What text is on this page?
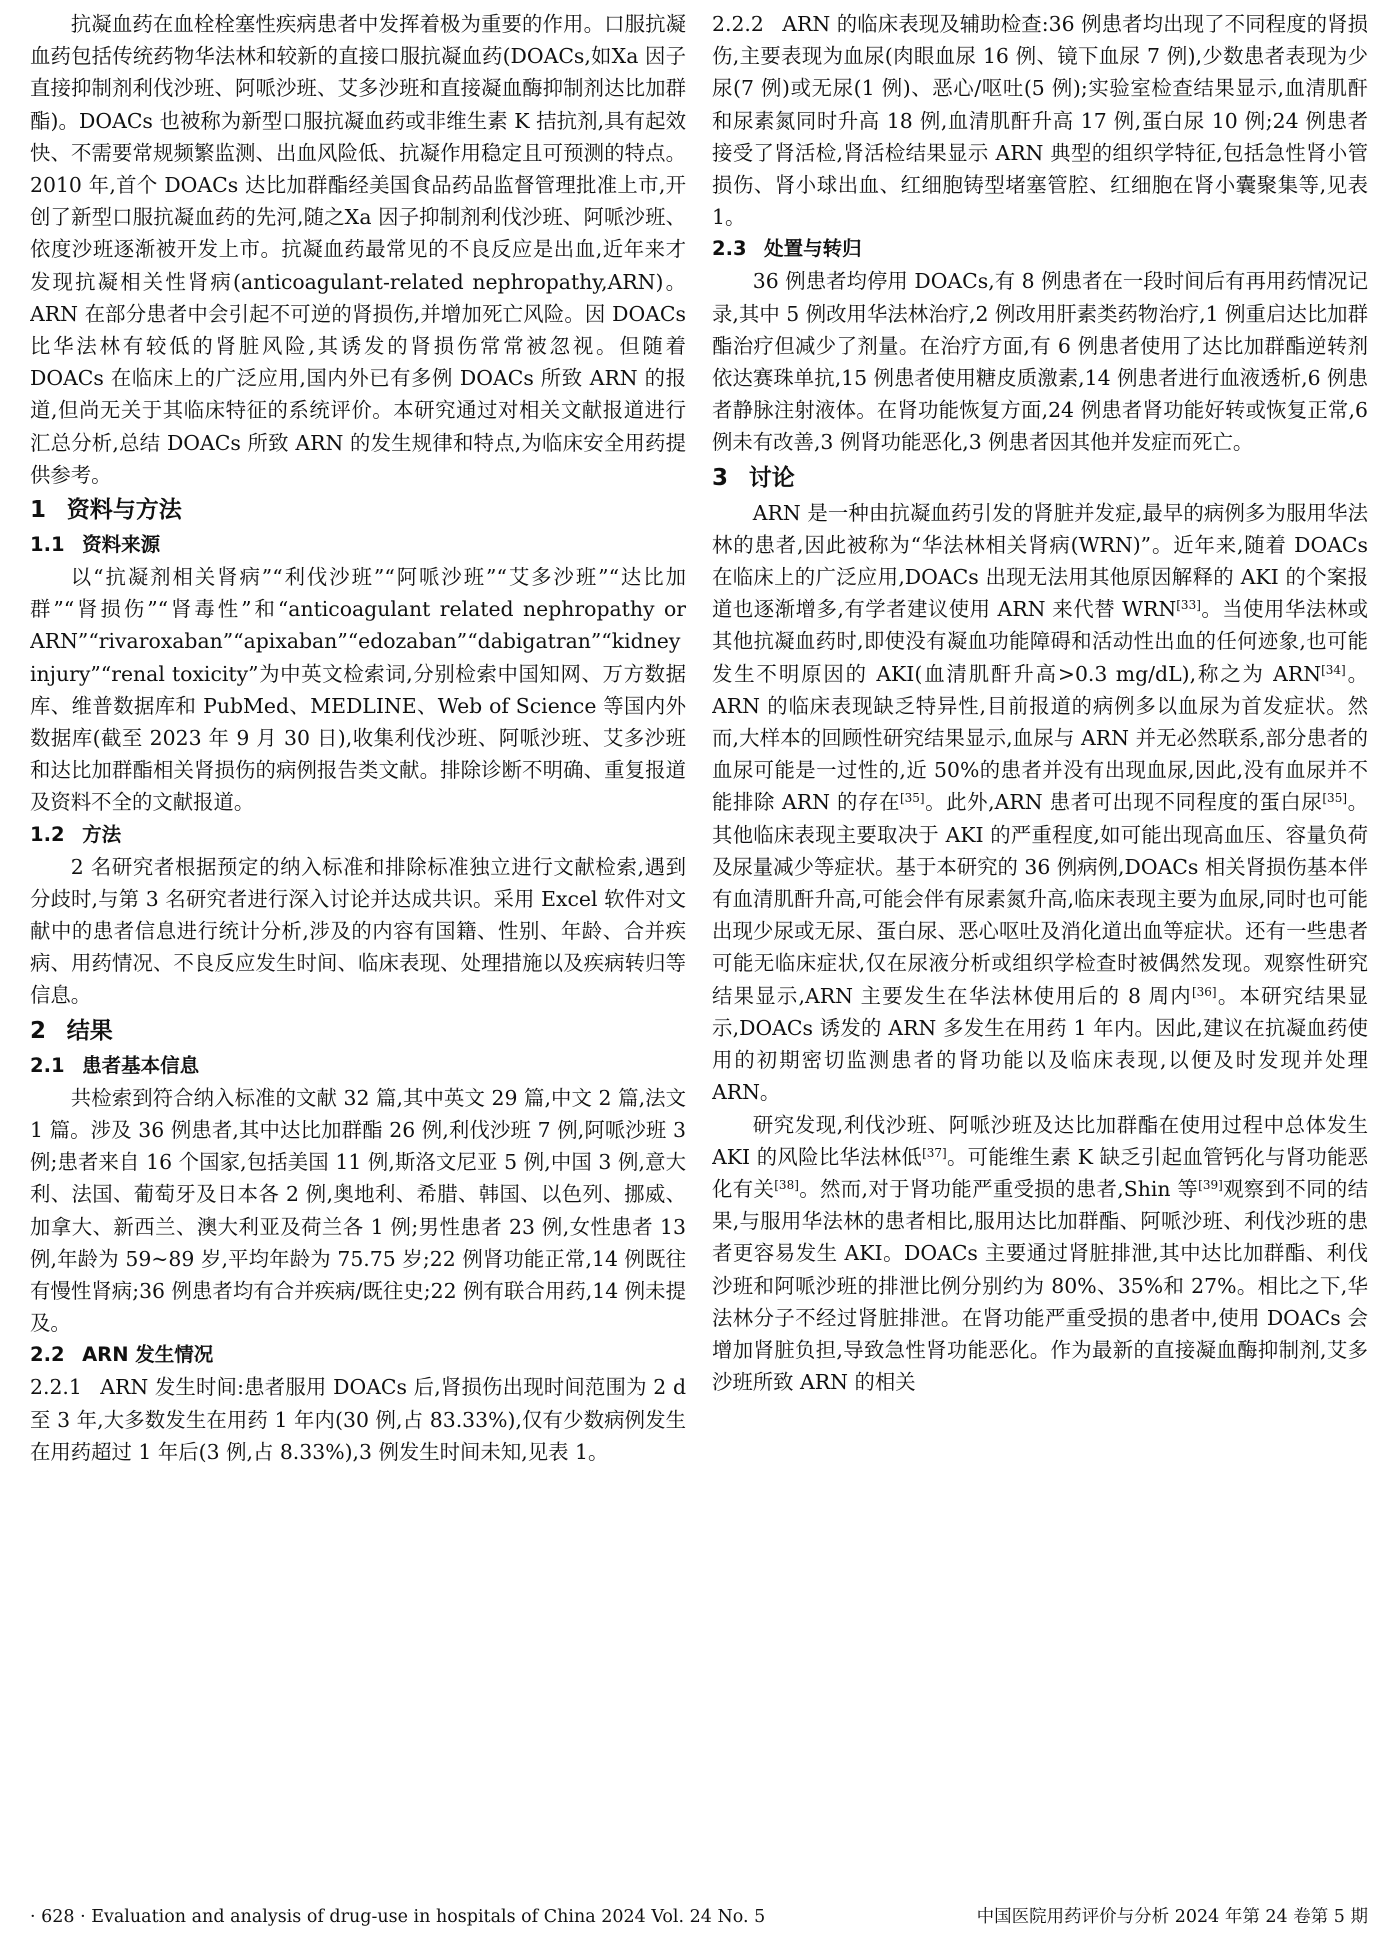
抗凝血药在血栓栓塞性疾病患者中发挥着极为重要的作用。口服抗凝血药包括传统药物华法林和较新的直接口服抗凝血药(DOACs,如Ⅹa 因子直接抑制剂利伐沙班、阿哌沙班、艾多沙班和直接凝血酶抑制剂达比加群酯)。DOACs 也被称为新型口服抗凝血药或非维生素 K 拮抗剂,具有起效快、不需要常规频繁监测、出血风险低、抗凝作用稳定且可预测的特点。2010 年,首个 DOACs 达比加群酯经美国食品药品监督管理批准上市,开创了新型口服抗凝血药的先河,随之Ⅹa 因子抑制剂利伐沙班、阿哌沙班、依度沙班逐渐被开发上市。抗凝血药最常见的不良反应是出血,近年来才发现抗凝相关性肾病(anticoagulant-related nephropathy,ARN)。ARN 在部分患者中会引起不可逆的肾损伤,并增加死亡风险。因 DOACs 比华法林有较低的肾脏风险,其诱发的肾损伤常常被忽视。但随着 DOACs 在临床上的广泛应用,国内外已有多例 DOACs 所致 ARN 的报道,但尚无关于其临床特征的系统评价。本研究通过对相关文献报道进行汇总分析,总结 DOACs 所致 ARN 的发生规律和特点,为临床安全用药提供参考。

1 资料与方法
1.1 资料来源

以“抗凝剂相关肾病”“利伐沙班”“阿哌沙班”“艾多沙班”“达比加群”“肾损伤”“肾毒性”和“anticoagulant related nephropathy or ARN”“rivaroxaban”“apixaban”“edozaban”“dabigatran”“kidney injury”“renal toxicity”为中英文检索词,分别检索中国知网、万方数据库、维普数据库和 PubMed、MEDLINE、Web of Science 等国内外数据库(截至 2023 年 9 月 30 日),收集利伐沙班、阿哌沙班、艾多沙班和达比加群酯相关肾损伤的病例报告类文献。排除诊断不明确、重复报道及资料不全的文献报道。

1.2 方法

2 名研究者根据预定的纳入标准和排除标准独立进行文献检索,遇到分歧时,与第 3 名研究者进行深入讨论并达成共识。采用 Excel 软件对文献中的患者信息进行统计分析,涉及的内容有国籍、性别、年龄、合并疾病、用药情况、不良反应发生时间、临床表现、处理措施以及疾病转归等信息。

2 结果
2.1 患者基本信息

共检索到符合纳入标准的文献 32 篇,其中英文 29 篇,中文 2 篇,法文 1 篇。涉及 36 例患者,其中达比加群酯 26 例,利伐沙班 7 例,阿哌沙班 3 例;患者来自 16 个国家,包括美国 11 例,斯洛文尼亚 5 例,中国 3 例,意大利、法国、葡萄牙及日本各 2 例,奥地利、希腊、韩国、以色列、挪威、加拿大、新西兰、澳大利亚及荷兰各 1 例;男性患者 23 例,女性患者 13 例,年龄为 59~89 岁,平均年龄为 75.75 岁;22 例肾功能正常,14 例既往有慢性肾病;36 例患者均有合并疾病/既往史;22 例有联合用药,14 例未提及。

2.2 ARN 发生情况

2.2.1 ARN 发生时间:患者服用 DOACs 后,肾损伤出现时间范围为 2 d 至 3 年,大多数发生在用药 1 年内(30 例,占 83.33%),仅有少数病例发生在用药超过 1 年后(3 例,占 8.33%),3 例发生时间未知,见表 1。

2.2.2 ARN 的临床表现及辅助检查:36 例患者均出现了不同程度的肾损伤,主要表现为血尿(肉眼血尿 16 例、镜下血尿 7 例),少数患者表现为少尿(7 例)或无尿(1 例)、恶心/呕吐(5 例);实验室检查结果显示,血清肌酐和尿素氮同时升高 18 例,血清肌酐升高 17 例,蛋白尿 10 例;24 例患者接受了肾活检,肾活检结果显示 ARN 典型的组织学特征,包括急性肾小管损伤、肾小球出血、红细胞铸型堵塞管腔、红细胞在肾小囊聚集等,见表 1。

2.3 处置与转归

36 例患者均停用 DOACs,有 8 例患者在一段时间后有再用药情况记录,其中 5 例改用华法林治疗,2 例改用肝素类药物治疗,1 例重启达比加群酯治疗但减少了剂量。在治疗方面,有 6 例患者使用了达比加群酯逆转剂依达赛珠单抗,15 例患者使用糖皮质激素,14 例患者进行血液透析,6 例患者静脉注射液体。在肾功能恢复方面,24 例患者肾功能好转或恢复正常,6 例未有改善,3 例肾功能恶化,3 例患者因其他并发症而死亡。

3 讨论

ARN 是一种由抗凝血药引发的肾脏并发症,最早的病例多为服用华法林的患者,因此被称为“华法林相关肾病(WRN)”。近年来,随着 DOACs 在临床上的广泛应用,DOACs 出现无法用其他原因解释的 AKI 的个案报道也逐渐增多,有学者建议使用 ARN 来代替 WRN[33]。当使用华法林或其他抗凝血药时,即使没有凝血功能障碍和活动性出血的任何迹象,也可能发生不明原因的 AKI(血清肌酐升高>0.3 mg/dL),称之为 ARN[34]。ARN 的临床表现缺乏特异性,目前报道的病例多以血尿为首发症状。然而,大样本的回顾性研究结果显示,血尿与 ARN 并无必然联系,部分患者的血尿可能是一过性的,近 50%的患者并没有出现血尿,因此,没有血尿并不能排除 ARN 的存在[35]。此外,ARN 患者可出现不同程度的蛋白尿[35]。其他临床表现主要取决于 AKI 的严重程度,如可能出现高血压、容量负荷及尿量减少等症状。基于本研究的 36 例病例,DOACs 相关肾损伤基本伴有血清肌酐升高,可能会伴有尿素氮升高,临床表现主要为血尿,同时也可能出现少尿或无尿、蛋白尿、恶心呕吐及消化道出血等症状。还有一些患者可能无临床症状,仅在尿液分析或组织学检查时被偶然发现。观察性研究结果显示,ARN 主要发生在华法林使用后的 8 周内[36]。本研究结果显示,DOACs 诱发的 ARN 多发生在用药 1 年内。因此,建议在抗凝血药使用的初期密切监测患者的肾功能以及临床表现,以便及时发现并处理 ARN。

研究发现,利伐沙班、阿哌沙班及达比加群酯在使用过程中总体发生 AKI 的风险比华法林低[37]。可能维生素 K 缺乏引起血管钙化与肾功能恶化有关[38]。然而,对于肾功能严重受损的患者,Shin 等[39]观察到不同的结果,与服用华法林的患者相比,服用达比加群酯、阿哌沙班、利伐沙班的患者更容易发生 AKI。DOACs 主要通过肾脏排泄,其中达比加群酯、利伐沙班和阿哌沙班的排泄比例分别约为 80%、35%和 27%。相比之下,华法林分子不经过肾脏排泄。在肾功能严重受损的患者中,使用 DOACs 会增加肾脏负担,导致急性肾功能恶化。作为最新的直接凝血酶抑制剂,艾多沙班所致 ARN 的相关

· 628 · Evaluation and analysis of drug-use in hospitals of China 2024 Vol. 24 No. 5	中国医院用药评价与分析 2024 年第 24 卷第 5 期
